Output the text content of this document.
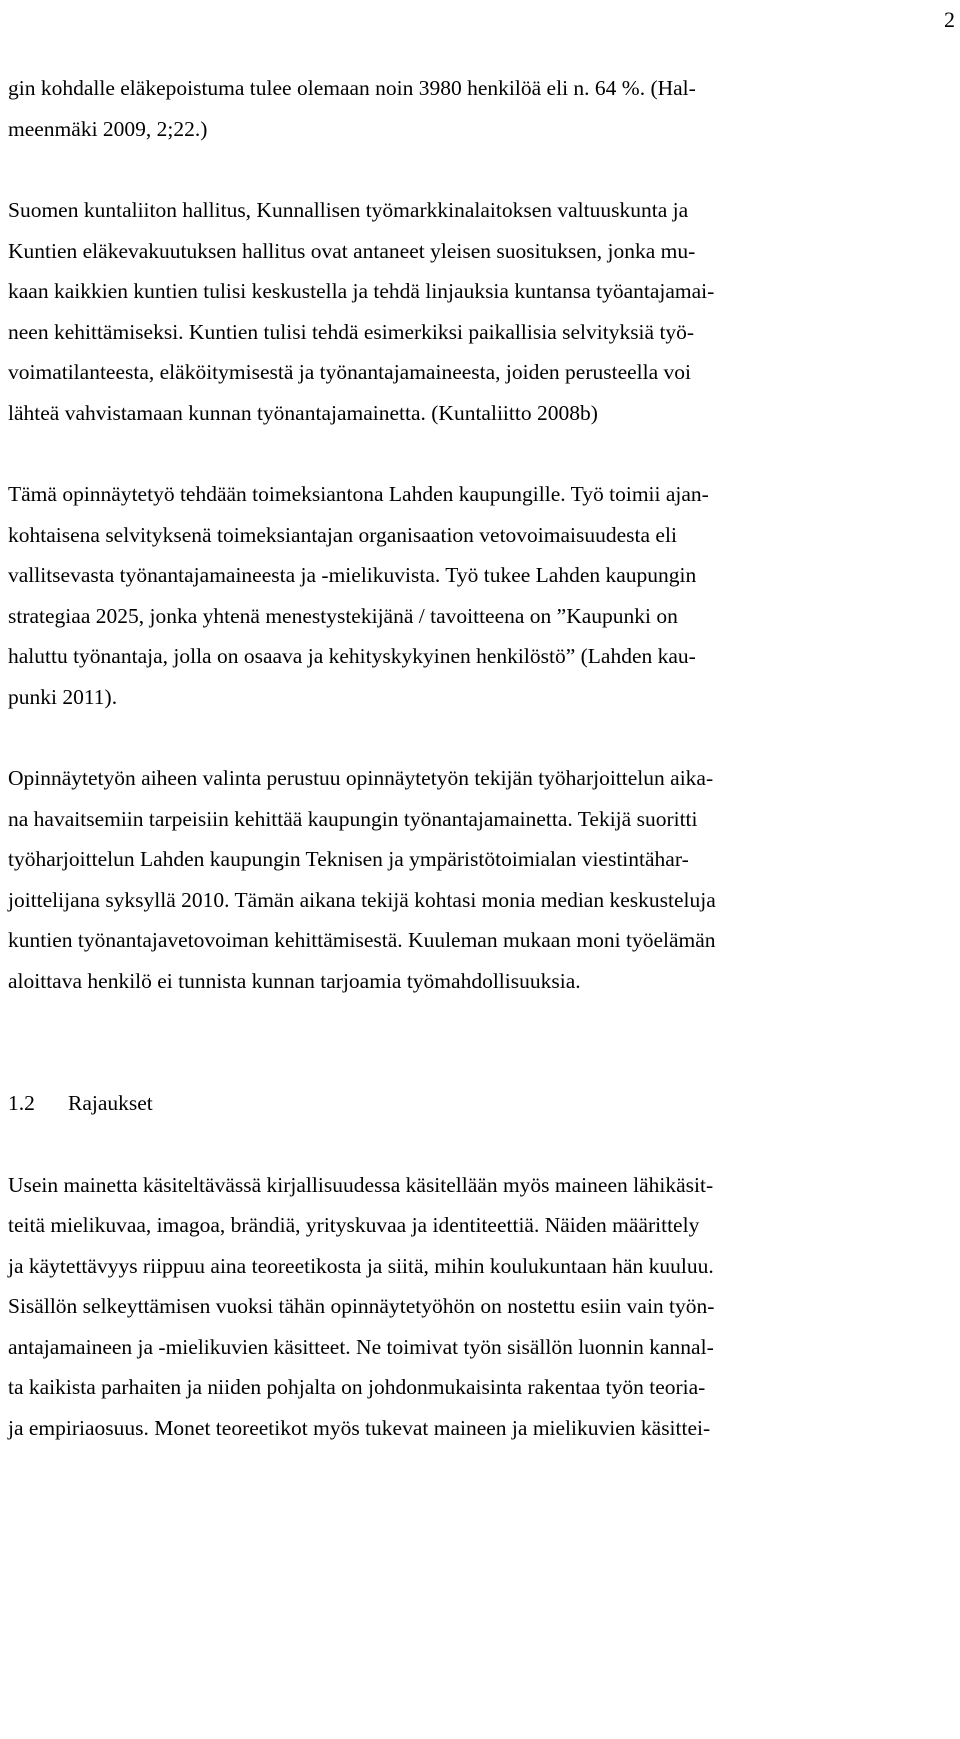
2
gin kohdalle eläkepoistuma tulee olemaan noin 3980 henkilöä eli n. 64 %. (Hal-
meenmäki 2009, 2;22.)
Suomen kuntaliiton hallitus, Kunnallisen työmarkkinalaitoksen valtuuskunta ja
Kuntien eläkevakuutuksen hallitus ovat antaneet yleisen suosituksen, jonka mu-
kaan kaikkien kuntien tulisi keskustella ja tehdä linjauksia kuntansa työantajamai-
neen kehittämiseksi. Kuntien tulisi tehdä esimerkiksi paikallisia selvityksiä työ-
voimatilanteesta, eläköitymisestä ja työnantajamaineesta, joiden perusteella voi
lähteä vahvistamaan kunnan työnantajamainetta. (Kuntaliitto 2008b)
Tämä opinnäytetyö tehdään toimeksiantona Lahden kaupungille. Työ toimii ajan-
kohtaisena selvityksenä toimeksiantajan organisaation vetovoimaisuudesta eli
vallitsevasta työnantajamaineesta ja -mielikuvista. Työ tukee Lahden kaupungin
strategiaa 2025, jonka yhtenä menestystekijänä / tavoitteena on ”Kaupunki on
haluttu työnantaja, jolla on osaava ja kehityskykyinen henkilöstö” (Lahden kau-
punki 2011).
Opinnäytetyön aiheen valinta perustuu opinnäytetyön tekijän työharjoittelun aika-
na havaitsemiin tarpeisiin kehittää kaupungin työnantajamainetta. Tekijä suoritti
työharjoittelun Lahden kaupungin Teknisen ja ympäristötoimialan viestintähar-
joittelijana syksyllä 2010. Tämän aikana tekijä kohtasi monia median keskusteluja
kuntien työnantajavetovoiman kehittämisestä. Kuuleman mukaan moni työelämän
aloittava henkilö ei tunnista kunnan tarjoamia työmahdollisuuksia.
1.2 Rajaukset
Usein mainetta käsiteltävässä kirjallisuudessa käsitellään myös maineen lähikäsit-
teitä mielikuvaa, imagoa, brändiä, yrityskuvaa ja identiteettiä. Näiden määrittely
ja käytettävyys riippuu aina teoreetikosta ja siitä, mihin koulukuntaan hän kuuluu.
Sisällön selkeyttämisen vuoksi tähän opinnäytetyöhön on nostettu esiin vain työn-
antajamaineen ja -mielikuvien käsitteet. Ne toimivat työn sisällön luonnin kannal-
ta kaikista parhaiten ja niiden pohjalta on johdonmukaisinta rakentaa työn teoria-
ja empiriaosuus. Monet teoreetikot myös tukevat maineen ja mielikuvien käsittei-
